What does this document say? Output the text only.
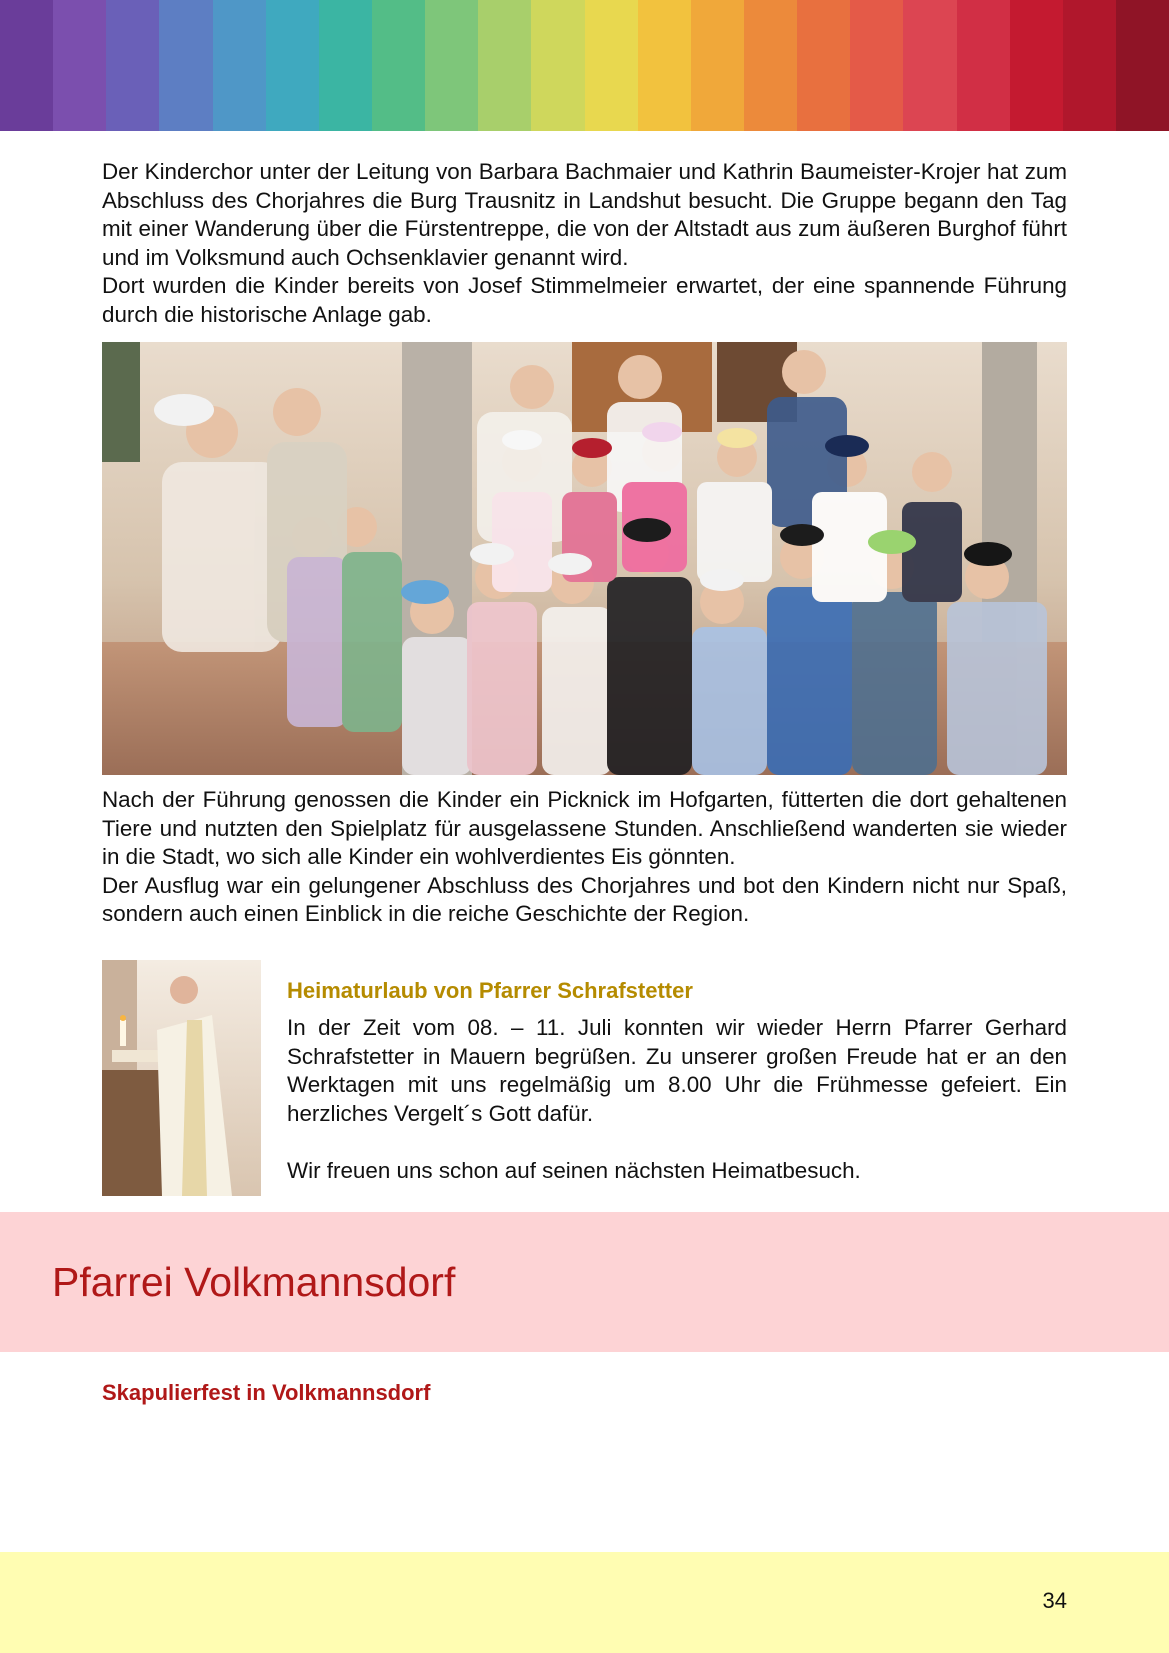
Der Kinderchor unter der Leitung von Barbara Bachmaier und Kathrin Baumeister-Krojer hat zum Abschluss des Chorjahres die Burg Trausnitz in Landshut besucht. Die Gruppe begann den Tag mit einer Wanderung über die Fürstentreppe, die von der Altstadt aus zum äußeren Burghof führt und im Volksmund auch Ochsenklavier genannt wird.

Dort wurden die Kinder bereits von Josef Stimmelmeier erwartet, der eine spannende Führung durch die historische Anlage gab.

Nach der Führung genossen die Kinder ein Picknick im Hofgarten, fütterten die dort gehaltenen Tiere und nutzten den Spielplatz für ausgelassene Stunden. Anschließend wanderten sie wieder in die Stadt, wo sich alle Kinder ein wohlverdientes Eis gönnten.

Der Ausflug war ein gelungener Abschluss des Chorjahres und bot den Kindern nicht nur Spaß, sondern auch einen Einblick in die reiche Geschichte der Region.

Heimaturlaub von Pfarrer Schrafstetter

In der Zeit vom 08. – 11. Juli konnten wir wieder Herrn Pfarrer Gerhard Schrafstetter in Mauern begrüßen. Zu unserer großen Freude hat er an den Werktagen mit uns regelmäßig um 8.00 Uhr die Frühmesse gefeiert. Ein herzliches Vergelt´s Gott dafür.

Wir freuen uns schon auf seinen nächsten Heimatbesuch.

Pfarrei Volkmannsdorf
Skapulierfest in Volkmannsdorf
34
